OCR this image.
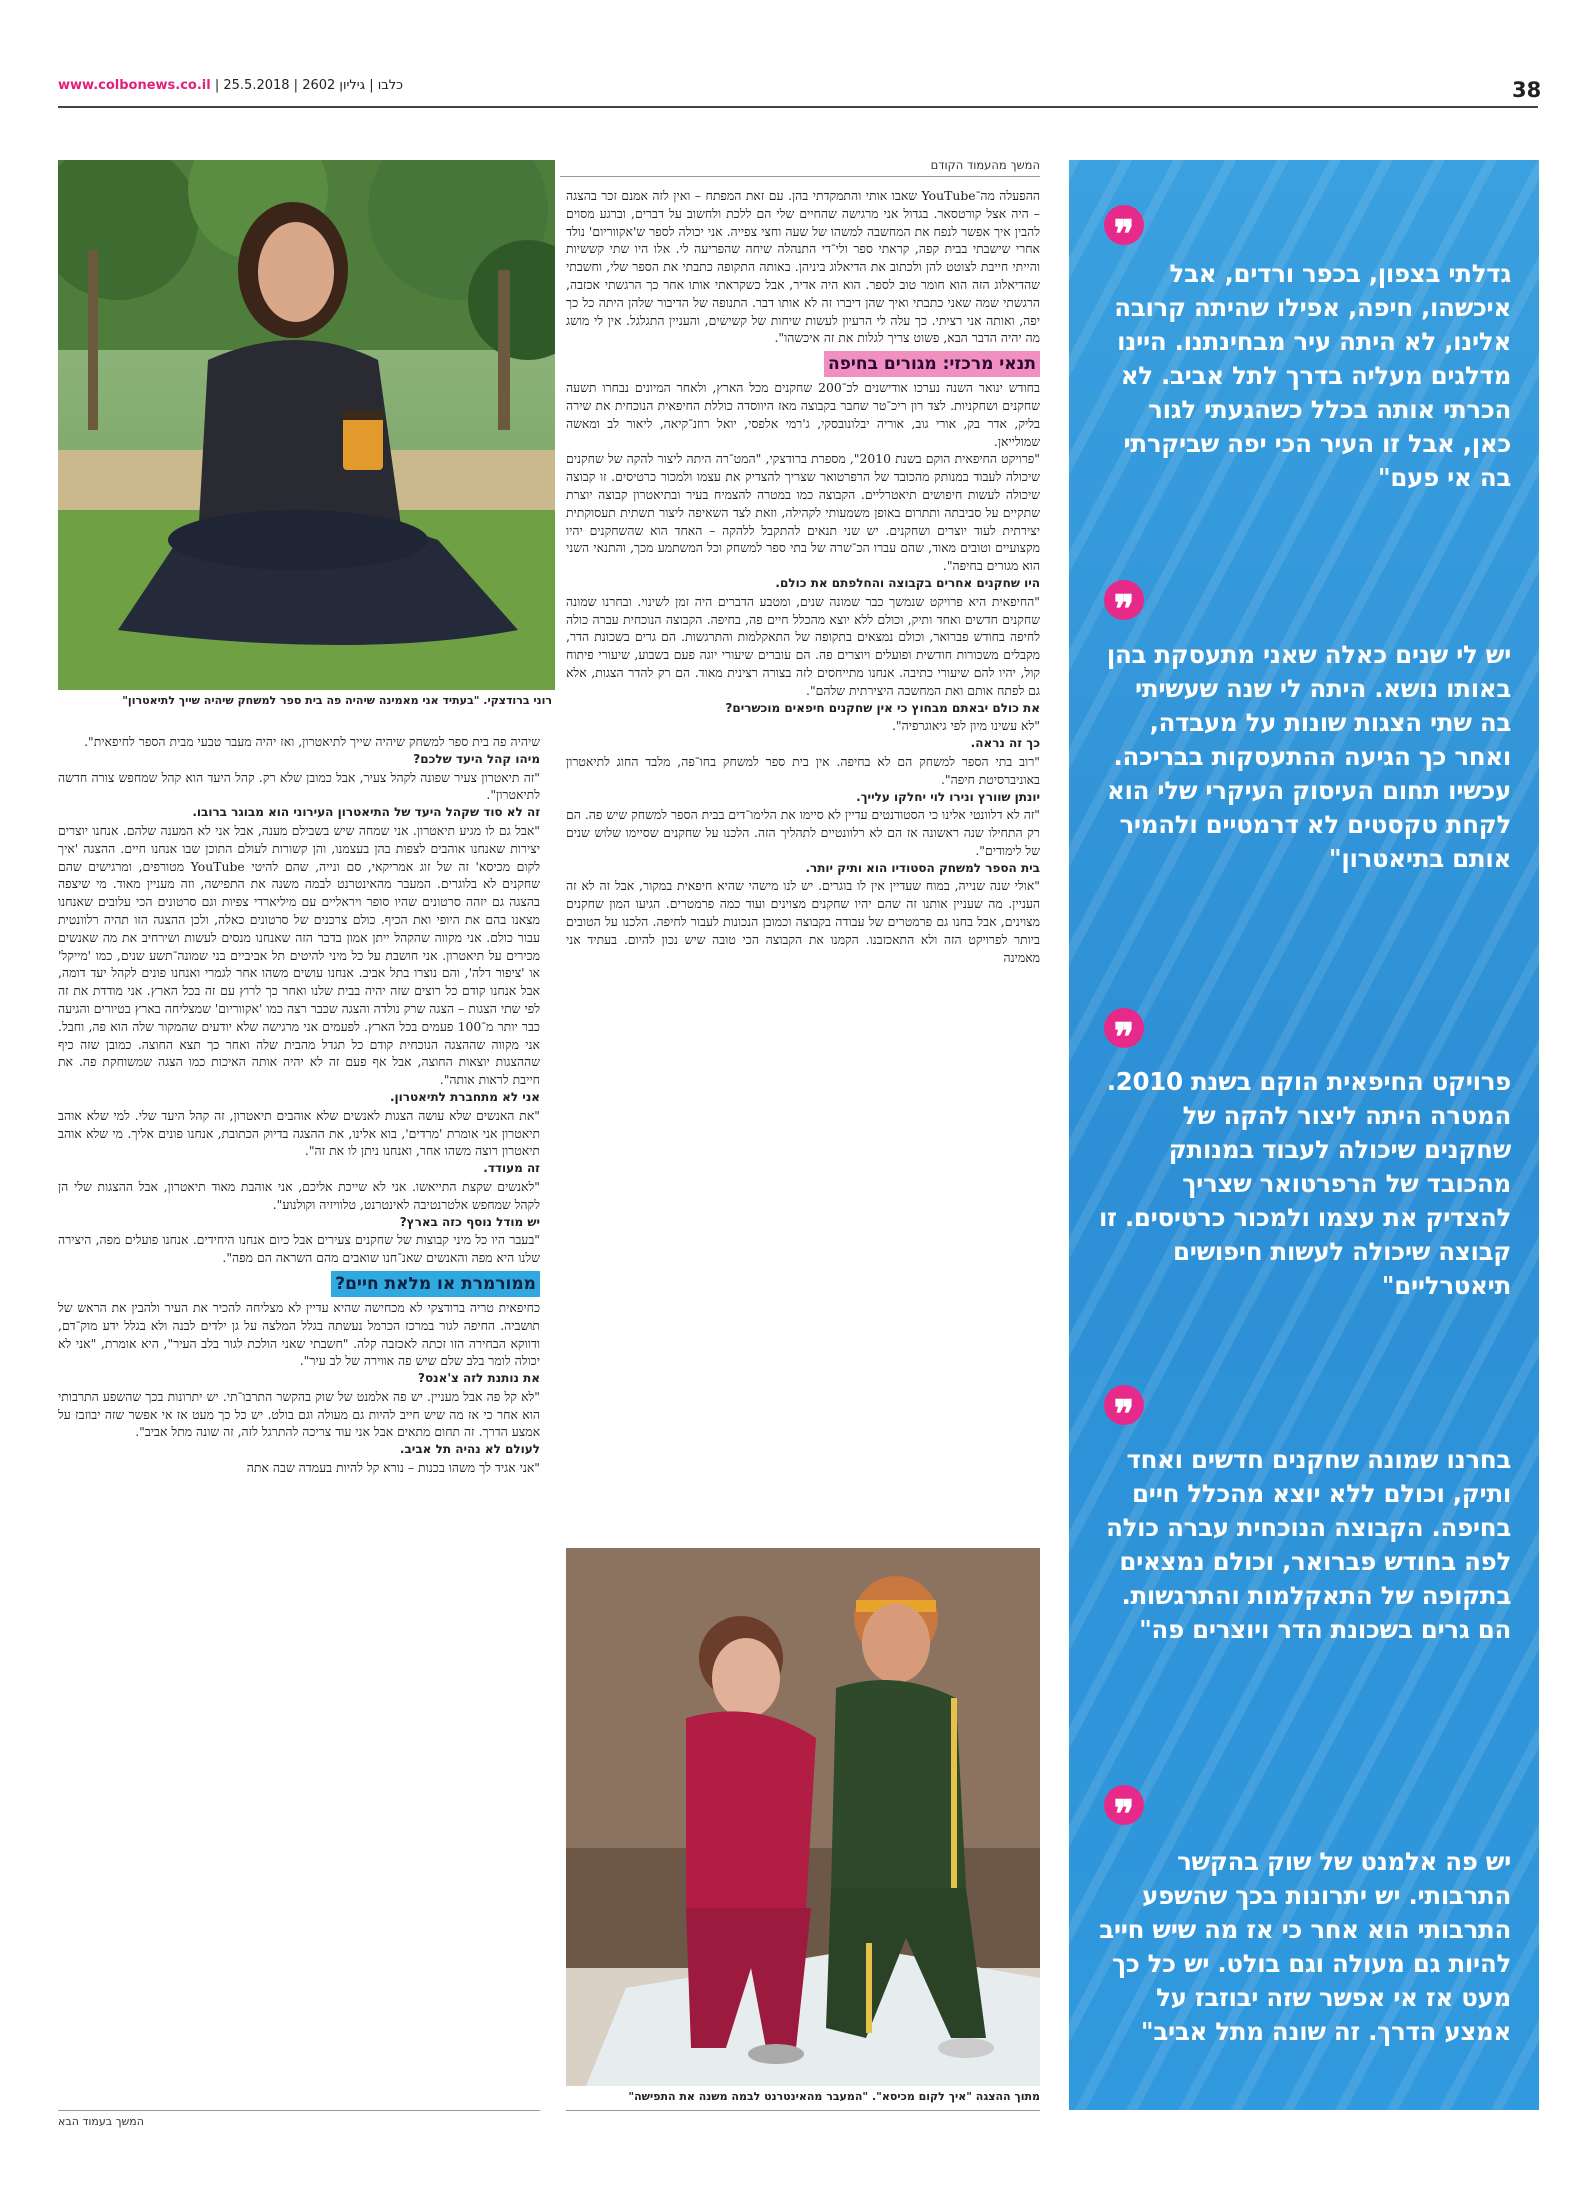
www.colbonews.co.il | כלבו | גיליון 2602 | 25.5.2018	38
רוני ברודצקי. "בעתיד אני מאמינה שיהיה פה בית ספר למשחק שיהיה שייך לתיאטרון"
המשך מהעמוד הקודם

ההפעלה מה־YouTube שאבו אותי והתמקדתי בהן. עם זאת המפתח – ואין לזה אמנם זכר בהצגה – היה אצל קורטסאר. בגדול אני מרגישה שהחיים שלי הם ללכת ולחשוב על דברים, וברגע מסוים להבין איך אפשר לנפח את המחשבה למשהו של שעה וחצי צפייה. אני יכולה לספר ש'אקווריום' נולד אחרי שישבתי בבית קפה, קראתי ספר ולי־די התנהלה שיחה שהפריעה לי. אלו היו שתי קששיות והייתי חייבת לצוטט להן ולכתוב את הדיאלוג ביניהן. באותה התקופה כתבתי את הספר שלי, וחשבתי שהדיאלוג הזה הוא חומר טוב לספר. הוא היה אדיר, אבל כשקראתי אותו אחר כך הרגשתי אכזבה, הרגשתי שמה שאני כתבתי ואיך שהן דיברו זה לא אותו דבר. התנופה של הדיבור שלהן היתה כל כך יפה, ואותה אני רציתי. כך עלה לי הרעיון לעשות שיחות של קשישים, והעניין התגלגל. אין לי מושג מה יהיה הדבר הבא, פשוט צריך לגלות את זה איכשהו".

תנאי מרכזי: מגורים בחיפה

בחודש ינואר השנה נערכו אודישנים לכ־200 שחקנים מכל הארץ, ולאחר המיונים נבחרו תשעה שחקנים ושחקניות. לצד רון ריכ־טר שחבר בקבוצה מאז היווסדה כוללת החיפאית הנוכחית את שירה בליק, אדר בק, אורי גוב, אוריה יבלונובסקי, ג'רמי אלפסי, יואל רוזנ־קיאה, ליאור לב ומאשה שמולייאן.

"פרויקט החיפאית הוקם בשנת 2010", מספרת ברודצקי, "המט־רה היתה ליצור להקה של שחקנים שיכולה לעבוד במנותק מהכובד של הרפרטואר שצריך להצדיק את עצמו ולמכור כרטיסים. זו קבוצה שיכולה לעשות חיפושים תיאטרליים. הקבוצה כמו במטרה להצמיח בעיר ובתיאטרון קבוצה יוצרת שתקיים על סביבתה ותתרום באופן משמעותי לקהילה, וזאת לצד השאיפה ליצור תשתית תעסוקתית יצירתית לעוד יוצרים ושחקנים. יש שני תנאים להתקבל ללהקה – האחד הוא שהשחקנים יהיו מקצועיים וטובים מאוד, שהם עברו הכ־שרה של בתי ספר למשחק וכל המשתמע מכך, והתנאי השני הוא מגורים בחיפה".

היו שחקנים אחרים בקבוצה והחלפתם את כולם.

"החיפאית היא פרויקט שנמשך כבר שמונה שנים, ומטבע הדברים היה זמן לשינוי. ובחרנו שמונה שחקנים חדשים ואחד ותיק, וכולם ללא יוצא מהכלל חיים פה, בחיפה. הקבוצה הנוכחית עברה כולה לחיפה בחודש פברואר, וכולם נמצאים בתקופה של התאקלמות והתרגשות. הם גרים בשכונת הדר, מקבלים משכורות חודשית ופועלים ויוצרים פה. הם עוברים שיעורי יוגה פעם בשבוע, שיעורי פיתוח קול, יהיו להם שיעורי כתיבה. אנחנו מתייחסים לזה בצורה רצינית מאוד. הם רק להדר הצגות, אלא גם לפתח אותם ואת המחשבה היצירתית שלהם".

את כולם יבאתם מבחוץ כי אין שחקנים חיפאים מוכשרים?

"לא עשינו מיון לפי גיאוגרפיה".

כך זה נראה.

"רוב בתי הספר למשחק הם לא בחיפה. אין בית ספר למשחק בחו־פה, מלבד החוג לתיאטרון באוניברסיטת חיפה".

יונתן שוורץ ונירו לוי יחלקו עלייך.

"זה לא דלוונטי אלינו כי הסטודנטים עדיין לא סיימו את הלימו־דים בבית הספר למשחק שיש פה. הם רק התחילו שנה ראשונה אז הם לא רלוונטיים לתהליך הזה. הלכנו על שחקנים שסיימו שלוש שנים של לימודים".

בית הספר למשחק הסטודיו הוא ותיק יותר.

"אולי שנה שנייה, במוח שעדיין אין לו בוגרים. יש לנו מישהי שהיא חיפאית במקור, אבל זה לא זה העניין. מה שעניין אותנו זה שהם יהיו שחקנים מצוינים ועוד כמה פרמטרים. הגיעו המון שחקנים מצוינים, אבל בחנו גם פרמטרים של עבודה בקבוצה וכמובן הנכונות לעבור לחיפה. הלכנו על הטובים ביותר לפרויקט הזה ולא התאכזבנו. הקמנו את הקבוצה הכי טובה שיש נכון להיום. בעתיד אני מאמינה

מתוך ההצגה "איך לקום מכיסא". "המעבר מהאינטרנט לבמה משנה את התפישה"

שיהיה פה בית ספר למשחק שיהיה שייך לתיאטרון, ואז יהיה מעבר טבעי מבית הספר לחיפאית".

מיהו קהל היעד שלכם?

"זה תיאטרון צעיר שפונה לקהל צעיר, אבל כמובן שלא רק. קהל היעד הוא קהל שמחפש צורה חדשה לתיאטרון".

זה לא סוד שקהל היעד של התיאטרון העירוני הוא מבוגר ברובו.

"אבל גם לו מגיע תיאטרון. אני שמחה שיש בשבילם מענה, אבל אני לא המענה שלהם. אנחנו יוצרים יצירות שאנחנו אוהבים לצפות בהן בעצמנו, והן קשורות לעולם התוכן שבו אנחנו חיים. ההצגה 'איך לקום מכיסא' זה של זוג אמריקאי, סם ונייה, שהם להיטי YouTube מטורפים, ומרגישים שהם שחקנים לא בלוגרים. המעבר מהאינטרנט לבמה משנה את התפישה, וזה מעניין מאוד. מי שיצפה בהצגה גם יזהה סרטונים שהיו סופר ויראליים עם מיליארדי צפיות וגם סרטונים הכי עלובים שאנחנו מצאנו בהם את היופי ואת הכיף. כולם צרכנים של סרטונים כאלה, ולכן ההצגה הזו תהיה רלוונטית עבור כולם. אני מקווה שהקהל ייתן אמון בדבר הזה שאנחנו מנסים לעשות ושירחיב את מה שאנשים מכירים על תיאטרון. אני חושבת על כל מיני להיטים תל אביביים בני שמונה־תשע שנים, כמו 'מייקל' או 'ציפור דלה', והם נוצרו בתל אביב. אנחנו עושים משהו אחר לגמרי ואנחנו פונים לקהל יעד דומה, אבל אנחנו קודם כל רוצים שזה יהיה בבית שלנו ואחר כך לרוץ עם זה בכל הארץ. אני מודדת את זה לפי שתי הצגות – הצגה שרק נולדה והצגה שכבר רצה כמו 'אקווריום' שמצליחה בארץ בטיורים והגיעה כבר יותר מ־100 פעמים בכל הארץ. לפעמים אני מרגישה שלא יודעים שהמקור שלה הוא פה, וחבל. אני מקווה שההצגה הנוכחית קודם כל תגדל מהבית שלה ואחר כך תצא החוצה. כמובן שזה כיף שההצגות יוצאות החוצה, אבל אף פעם זה לא יהיה אותה האיכות כמו הצגה שמשוחקת פה. את חייבת לראות אותה".

אני לא מתחברת לתיאטרון.

"את האנשים שלא עושה הצגות לאנשים שלא אוהבים תיאטרון, זה קהל היעד שלי. למי שלא אוהב תיאטרון אני אומרת 'מרדים', בוא אלינו, את ההצגה בדיוק הכתובת, אנחנו פונים אליך. מי שלא אוהב תיאטרון רוצה משהו אחר, ואנחנו ניתן לו את זה".

זה מעודד.

"לאנשים שקצת התייאשו. אני לא שייכת אליכם, אני אוהבת מאוד תיאטרון, אבל ההצגות שלי הן לקהל שמחפש אלטרנטיבה לאינטרנט, טלוויזיה וקולנוע".

יש מודל נוסף כזה בארץ?

"בעבר היו כל מיני קבוצות של שחקנים צעירים אבל כיום אנחנו היחידים. אנחנו פועלים מפה, היצירה שלנו היא מפה והאנשים שאנ־חנו שואבים מהם השראה הם מפה".

ממורמרת או מלאת חיים?

כחיפאית טריה ברודצקי לא מכחישה שהיא עדיין לא מצליחה להכיר את העיר ולהבין את הראש של תושביה. החיפה לגור במרכז הכרמל נעשתה בגלל המלצה על גן ילדים לבנה ולא בגלל ידע מוק־דם, ודווקא הבחירה הזו זכתה לאכזבה קלה. "חשבתי שאני הולכת לגור בלב העיר", היא אומרת, "אני לא יכולה לומר בלב שלם שיש פה אווירה של לב עיר".

את נותנת לזה צ'אנס?

"לא קל פה אבל מעניין. יש פה אלמנט של שוק בהקשר התרבו־תי. יש יתרונות בכך שהשפע התרבותי הוא אחר כי אז מה שיש חייב להיות גם מעולה וגם בולט. יש כל כך מעט אז אי אפשר שזה יבוזבז על אמצע הדרך. זה תחום מתאים אבל אני עוד צריכה להתרגל לזה, זה שונה מתל אביב".

לעולם לא נהיה תל אביב.

"אני אגיד לך משהו בכנות – נורא קל להיות בעמדה שבה אתה

המשך בעמוד הבא
❞
גדלתי בצפון, בכפר ורדים, אבל איכשהו, חיפה, אפילו שהיתה קרובה אלינו, לא היתה עיר מבחינתנו. היינו מדלגים מעליה בדרך לתל אביב. לא הכרתי אותה בכלל כשהגעתי לגור כאן, אבל זו העיר הכי יפה שביקרתי בה אי פעם"
❞
יש לי שנים כאלה שאני מתעסקת בהן באותו נושא. היתה לי שנה שעשיתי בה שתי הצגות שונות על מעבדה, ואחר כך הגיעה ההתעסקות בבריכה. עכשיו תחום העיסוק העיקרי שלי הוא לקחת טקסטים לא דרמטיים ולהמיר אותם בתיאטרון"
❞
פרויקט החיפאית הוקם בשנת 2010. המטרה היתה ליצור להקה של שחקנים שיכולה לעבוד במנותק מהכובד של הרפרטואר שצריך להצדיק את עצמו ולמכור כרטיסים. זו קבוצה שיכולה לעשות חיפושים תיאטרליים"
❞
בחרנו שמונה שחקנים חדשים ואחד ותיק, וכולם ללא יוצא מהכלל חיים בחיפה. הקבוצה הנוכחית עברה כולה לפה בחודש פברואר, וכולם נמצאים בתקופה של התאקלמות והתרגשות. הם גרים בשכונת הדר ויוצרים פה"
❞
יש פה אלמנט של שוק בהקשר התרבותי. יש יתרונות בכך שהשפע התרבותי הוא אחר כי אז מה שיש חייב להיות גם מעולה וגם בולט. יש כל כך מעט אז אי אפשר שזה יבוזבז על אמצע הדרך. זה שונה מתל אביב"
